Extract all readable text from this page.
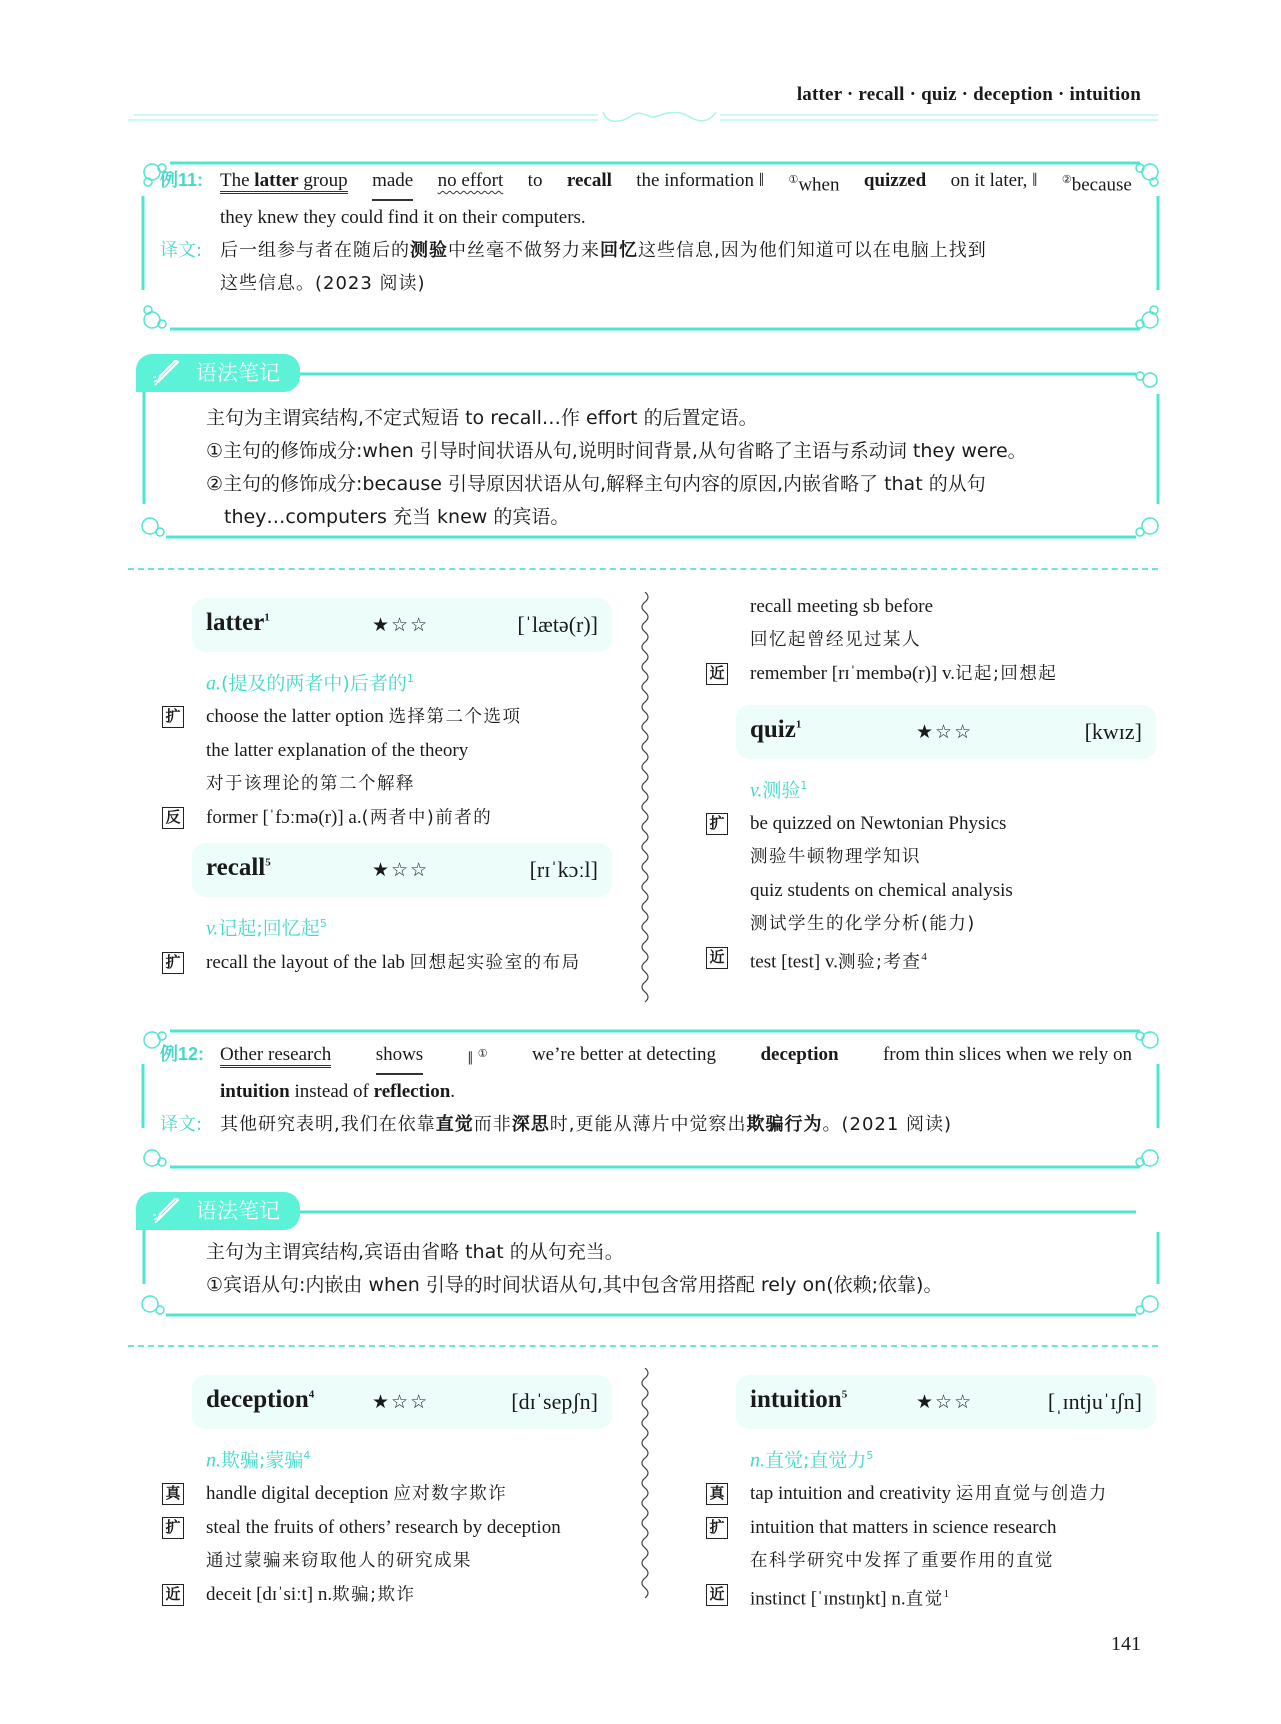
latter · recall · quiz · deception · intuition
例11: The latter group made no effort to recall the information ‖ ①when quizzed on it later, ‖ ②because
they knew they could find it on their computers.
译文: 后一组参与者在随后的测验中丝毫不做努力来回忆这些信息,因为他们知道可以在电脑上找到
这些信息。(2023 阅读)
语法笔记
主句为主谓宾结构,不定式短语 to recall…作 effort 的后置定语。
①主句的修饰成分:when 引导时间状语从句,说明时间背景,从句省略了主语与系动词 they were。
②主句的修饰成分:because 引导原因状语从句,解释主句内容的原因,内嵌省略了 that 的从句
they…computers 充当 knew 的宾语。
latter$^1$	★☆☆	[ˈlætə(r)]
a.(提及的两者中)后者的$^1$
扩 choose the latter option 选择第二个选项
the latter explanation of the theory
对于该理论的第二个解释
反 former [ˈfɔːmə(r)] a.(两者中)前者的
recall$^5$	★☆☆	[rɪˈkɔːl]
v.记起;回忆起$^5$
扩 recall the layout of the lab 回想起实验室的布局
recall meeting sb before
回忆起曾经见过某人
近 remember [rɪˈmembə(r)] v.记起;回想起
quiz$^1$	★☆☆	[kwɪz]
v.测验$^1$
扩 be quizzed on Newtonian Physics
测验牛顿物理学知识
quiz students on chemical analysis
测试学生的化学分析(能力)
近 test [test] v.测验;考查$^4$
例12: Other research shows ‖ ① we’re better at detecting deception from thin slices when we rely on
intuition instead of reflection.
译文: 其他研究表明,我们在依靠直觉而非深思时,更能从薄片中觉察出欺骗行为。(2021 阅读)
语法笔记
主句为主谓宾结构,宾语由省略 that 的从句充当。
①宾语从句:内嵌由 when 引导的时间状语从句,其中包含常用搭配 rely on(依赖;依靠)。
deception$^4$	★☆☆	[dɪˈsepʃn]
n.欺骗;蒙骗$^4$
真 handle digital deception 应对数字欺诈
扩 steal the fruits of others’ research by deception
通过蒙骗来窃取他人的研究成果
近 deceit [dɪˈsiːt] n.欺骗;欺诈
intuition$^5$	★☆☆	[ˌɪntjuˈɪʃn]
n.直觉;直觉力$^5$
真 tap intuition and creativity 运用直觉与创造力
扩 intuition that matters in science research
在科学研究中发挥了重要作用的直觉
近 instinct [ˈɪnstɪŋkt] n.直觉$^1$
141
